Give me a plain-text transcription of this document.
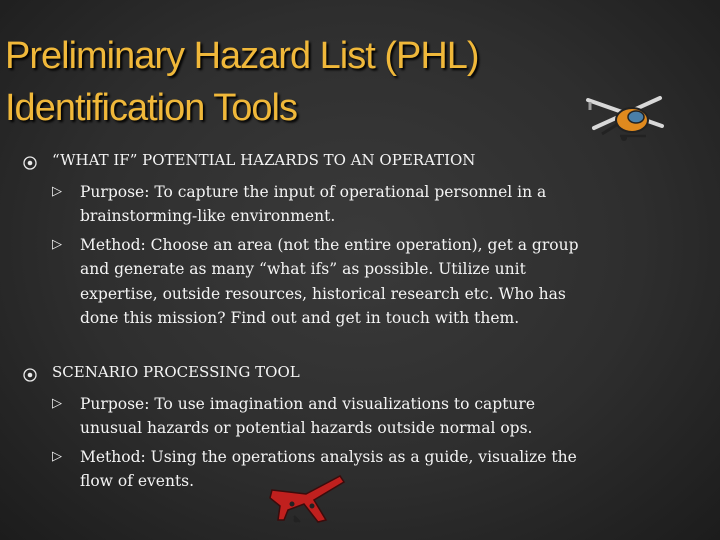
Preliminary Hazard List (PHL)
Identification Tools
“WHAT IF” POTENTIAL HAZARDS TO AN OPERATION
▷ Purpose: To capture the input of operational personnel in a
brainstorming-like environment.
▷ Method: Choose an area (not the entire operation), get a group
and generate as many “what ifs” as possible. Utilize unit
expertise, outside resources, historical research etc. Who has
done this mission? Find out and get in touch with them.
SCENARIO PROCESSING TOOL
▷ Purpose: To use imagination and visualizations to capture
unusual hazards or potential hazards outside normal ops.
▷ Method: Using the operations analysis as a guide, visualize the
flow of events.
